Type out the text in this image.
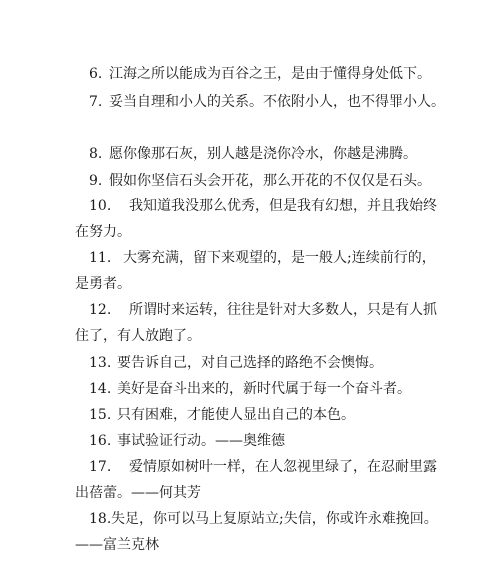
6. 江海之所以能成为百谷之王，是由于懂得身处低下。
7. 妥当自理和小人的关系。不依附小人，也不得罪小人。
8. 愿你像那石灰，别人越是浇你冷水，你越是沸腾。
9. 假如你坚信石头会开花，那么开花的不仅仅是石头。
10. 我知道我没那么优秀，但是我有幻想，并且我始终
在努力。
11. 大雾充满，留下来观望的，是一般人;连续前行的，
是勇者。
12. 所谓时来运转，往往是针对大多数人，只是有人抓
住了，有人放跑了。
13. 要告诉自己，对自己选择的路绝不会懊悔。
14. 美好是奋斗出来的，新时代属于每一个奋斗者。
15. 只有困难，才能使人显出自己的本色。
16. 事试验证行动。——奥维德
17. 爱情原如树叶一样，在人忽视里绿了，在忍耐里露
出蓓蕾。——何其芳
18.失足，你可以马上复原站立;失信，你或许永难挽回。
——富兰克林
